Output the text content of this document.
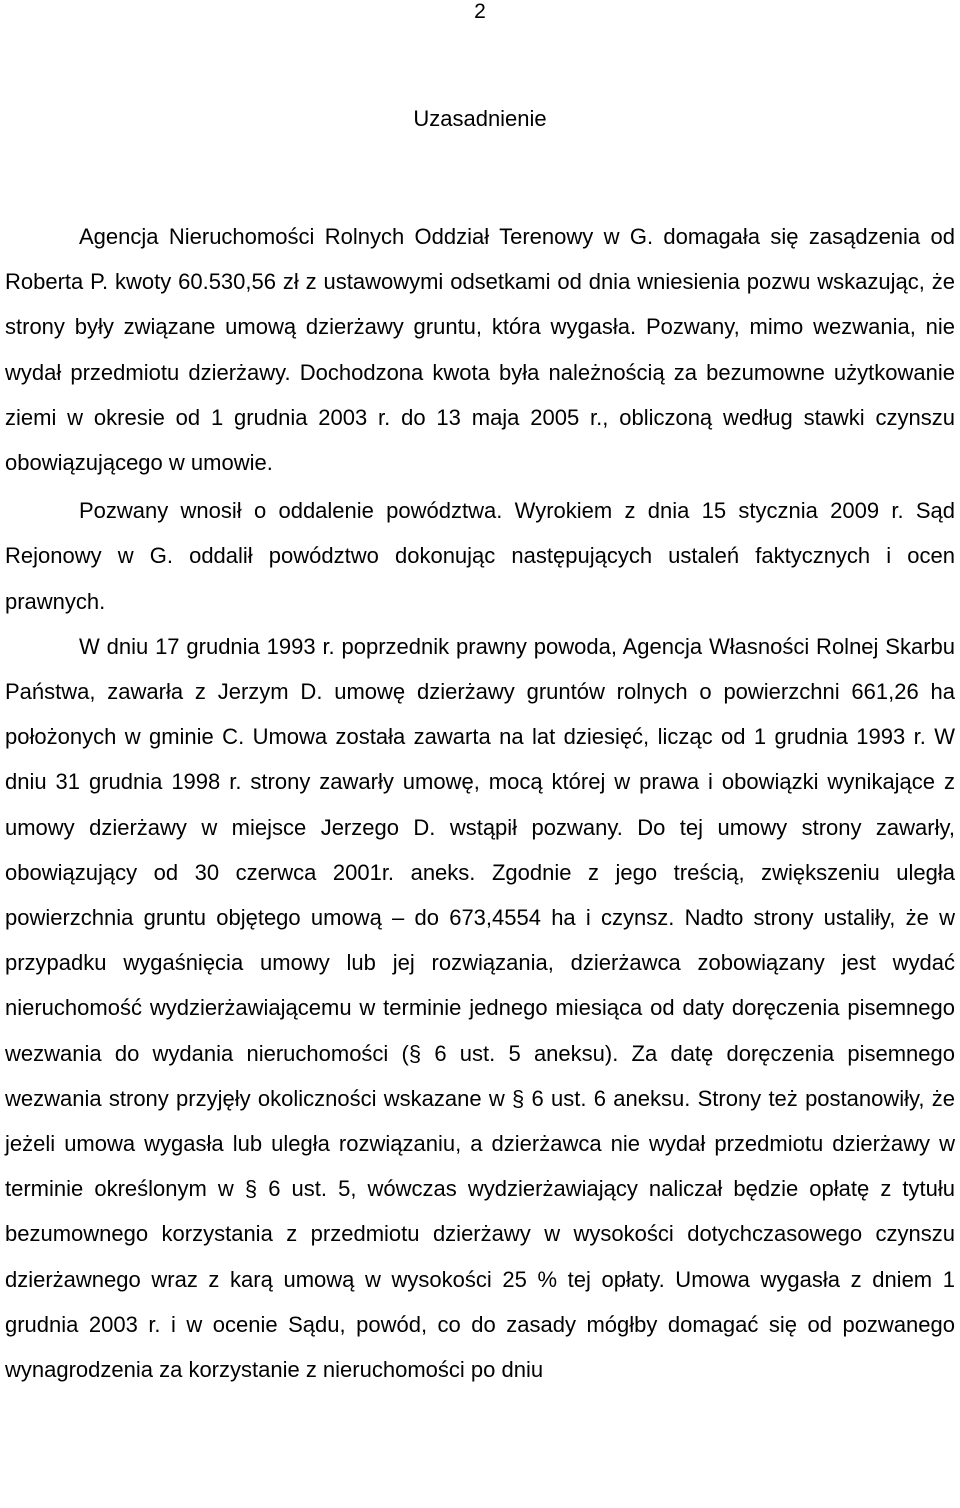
2
Uzasadnienie

Agencja Nieruchomości Rolnych Oddział Terenowy w G. domagała się zasądzenia od Roberta P. kwoty 60.530,56 zł z ustawowymi odsetkami od dnia wniesienia pozwu wskazując, że strony były związane umową dzierżawy gruntu, która wygasła. Pozwany, mimo wezwania, nie wydał przedmiotu dzierżawy. Dochodzona kwota była należnością za bezumowne użytkowanie ziemi w okresie od 1 grudnia 2003 r. do 13 maja 2005 r., obliczoną według stawki czynszu obowiązującego w umowie.

Pozwany wnosił o oddalenie powództwa. Wyrokiem z dnia 15 stycznia 2009 r. Sąd Rejonowy w G. oddalił powództwo dokonując następujących ustaleń faktycznych i ocen prawnych.

W dniu 17 grudnia 1993 r. poprzednik prawny powoda, Agencja Własności Rolnej Skarbu Państwa, zawarła z Jerzym D. umowę dzierżawy gruntów rolnych o powierzchni 661,26 ha położonych w gminie C. Umowa została zawarta na lat dziesięć, licząc od 1 grudnia 1993 r. W dniu 31 grudnia 1998 r. strony zawarły umowę, mocą której w prawa i obowiązki wynikające z umowy dzierżawy w miejsce Jerzego D. wstąpił pozwany. Do tej umowy strony zawarły, obowiązujący od 30 czerwca 2001r. aneks. Zgodnie z jego treścią, zwiększeniu uległa powierzchnia gruntu objętego umową – do 673,4554 ha i czynsz. Nadto strony ustaliły, że w przypadku wygaśnięcia umowy lub jej rozwiązania, dzierżawca zobowiązany jest wydać nieruchomość wydzierżawiającemu w terminie jednego miesiąca od daty doręczenia pisemnego wezwania do wydania nieruchomości (§ 6 ust. 5 aneksu). Za datę doręczenia pisemnego wezwania strony przyjęły okoliczności wskazane w § 6 ust. 6 aneksu. Strony też postanowiły, że jeżeli umowa wygasła lub uległa rozwiązaniu, a dzierżawca nie wydał przedmiotu dzierżawy w terminie określonym w § 6 ust. 5, wówczas wydzierżawiający naliczał będzie opłatę z tytułu bezumownego korzystania z przedmiotu dzierżawy w wysokości dotychczasowego czynszu dzierżawnego wraz z karą umową w wysokości 25 % tej opłaty. Umowa wygasła z dniem 1 grudnia 2003 r. i w ocenie Sądu, powód, co do zasady mógłby domagać się od pozwanego wynagrodzenia za korzystanie z nieruchomości po dniu
